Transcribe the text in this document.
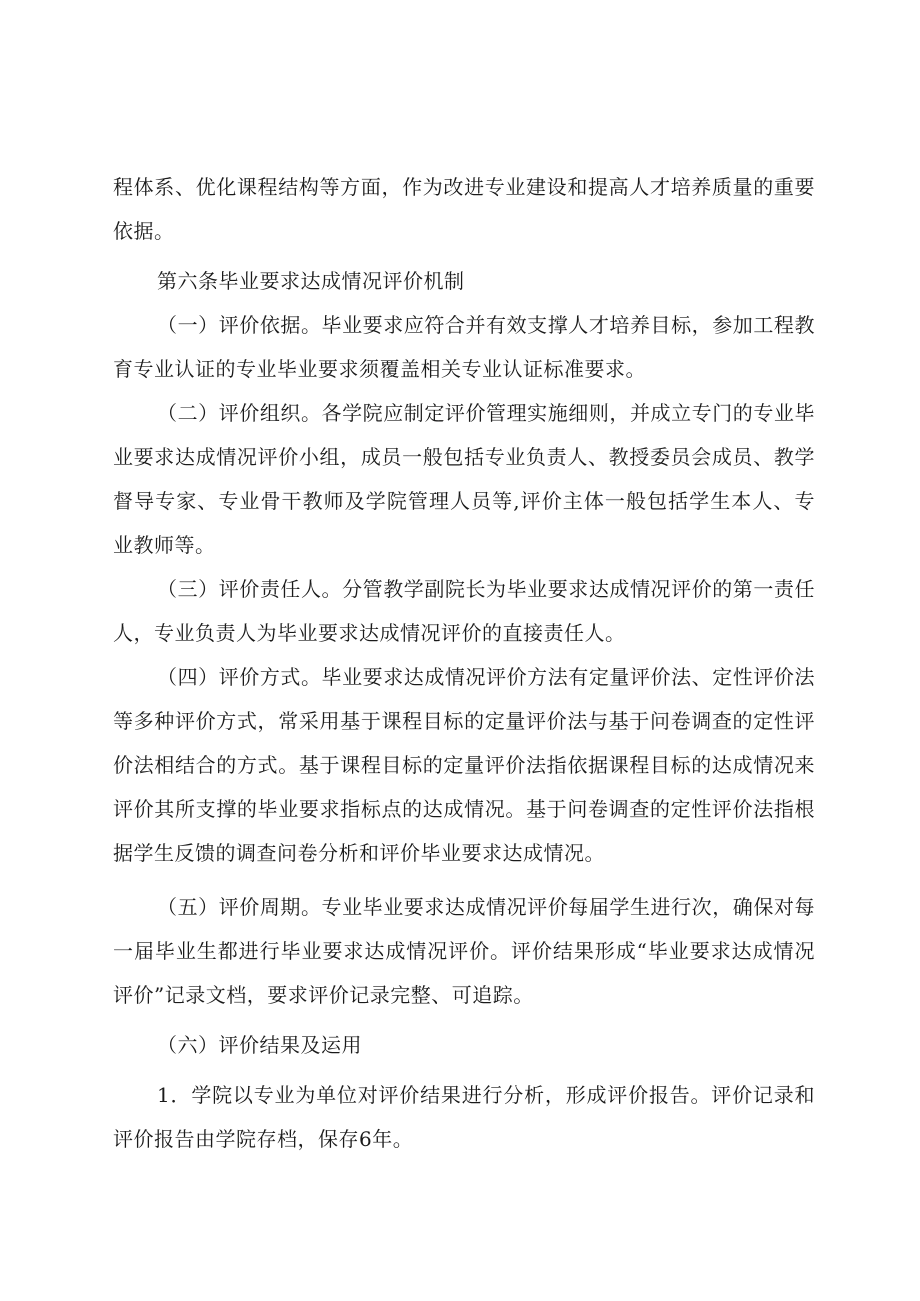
程体系、优化课程结构等方面，作为改进专业建设和提高人才培养质量的重要依据。

第六条毕业要求达成情况评价机制

（一）评价依据。毕业要求应符合并有效支撑人才培养目标，参加工程教育专业认证的专业毕业要求须覆盖相关专业认证标准要求。

（二）评价组织。各学院应制定评价管理实施细则，并成立专门的专业毕业要求达成情况评价小组，成员一般包括专业负责人、教授委员会成员、教学督导专家、专业骨干教师及学院管理人员等,评价主体一般包括学生本人、专业教师等。

（三）评价责任人。分管教学副院长为毕业要求达成情况评价的第一责任人，专业负责人为毕业要求达成情况评价的直接责任人。

（四）评价方式。毕业要求达成情况评价方法有定量评价法、定性评价法等多种评价方式，常采用基于课程目标的定量评价法与基于问卷调查的定性评价法相结合的方式。基于课程目标的定量评价法指依据课程目标的达成情况来评价其所支撑的毕业要求指标点的达成情况。基于问卷调查的定性评价法指根据学生反馈的调查问卷分析和评价毕业要求达成情况。

（五）评价周期。专业毕业要求达成情况评价每届学生进行次，确保对每一届毕业生都进行毕业要求达成情况评价。评价结果形成“毕业要求达成情况评价”记录文档，要求评价记录完整、可追踪。

（六）评价结果及运用

1．学院以专业为单位对评价结果进行分析，形成评价报告。评价记录和评价报告由学院存档，保存6年。
